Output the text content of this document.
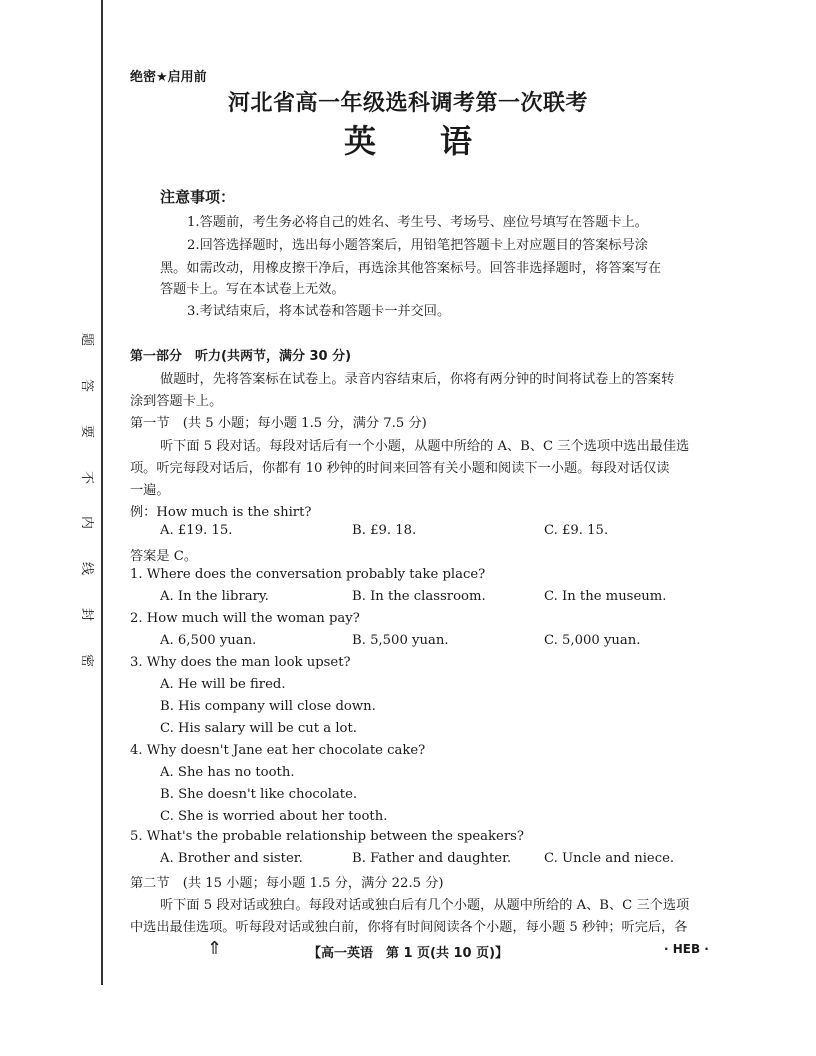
题
答
要
不
内
线
封
密
绝密★启用前
河北省高一年级选科调考第一次联考
英　　语
注意事项：
1.答题前，考生务必将自己的姓名、考生号、考场号、座位号填写在答题卡上。
2.回答选择题时，选出每小题答案后，用铅笔把答题卡上对应题目的答案标号涂
黑。如需改动，用橡皮擦干净后，再选涂其他答案标号。回答非选择题时，将答案写在
答题卡上。写在本试卷上无效。
3.考试结束后，将本试卷和答题卡一并交回。
第一部分　听力(共两节，满分 30 分)
做题时，先将答案标在试卷上。录音内容结束后，你将有两分钟的时间将试卷上的答案转
涂到答题卡上。
第一节　(共 5 小题；每小题 1.5 分，满分 7.5 分)
听下面 5 段对话。每段对话后有一个小题，从题中所给的 A、B、C 三个选项中选出最佳选
项。听完每段对话后，你都有 10 秒钟的时间来回答有关小题和阅读下一小题。每段对话仅读
一遍。
例：How much is the shirt?
A. £19. 15.	B. £9. 18.	C. £9. 15.
答案是 C。
1. Where does the conversation probably take place?
A. In the library.	B. In the classroom.	C. In the museum.
2. How much will the woman pay?
A. 6,500 yuan.	B. 5,500 yuan.	C. 5,000 yuan.
3. Why does the man look upset?
A. He will be fired.
B. His company will close down.
C. His salary will be cut a lot.
4. Why doesn't Jane eat her chocolate cake?
A. She has no tooth.
B. She doesn't like chocolate.
C. She is worried about her tooth.
5. What's the probable relationship between the speakers?
A. Brother and sister.	B. Father and daughter. C. Uncle and niece.
第二节　(共 15 小题；每小题 1.5 分，满分 22.5 分)
听下面 5 段对话或独白。每段对话或独白后有几个小题，从题中所给的 A、B、C 三个选项
中选出最佳选项。听每段对话或独白前，你将有时间阅读各个小题，每小题 5 秒钟；听完后，各
⇑	【高一英语　第 1 页(共 10 页)】	· HEB ·
